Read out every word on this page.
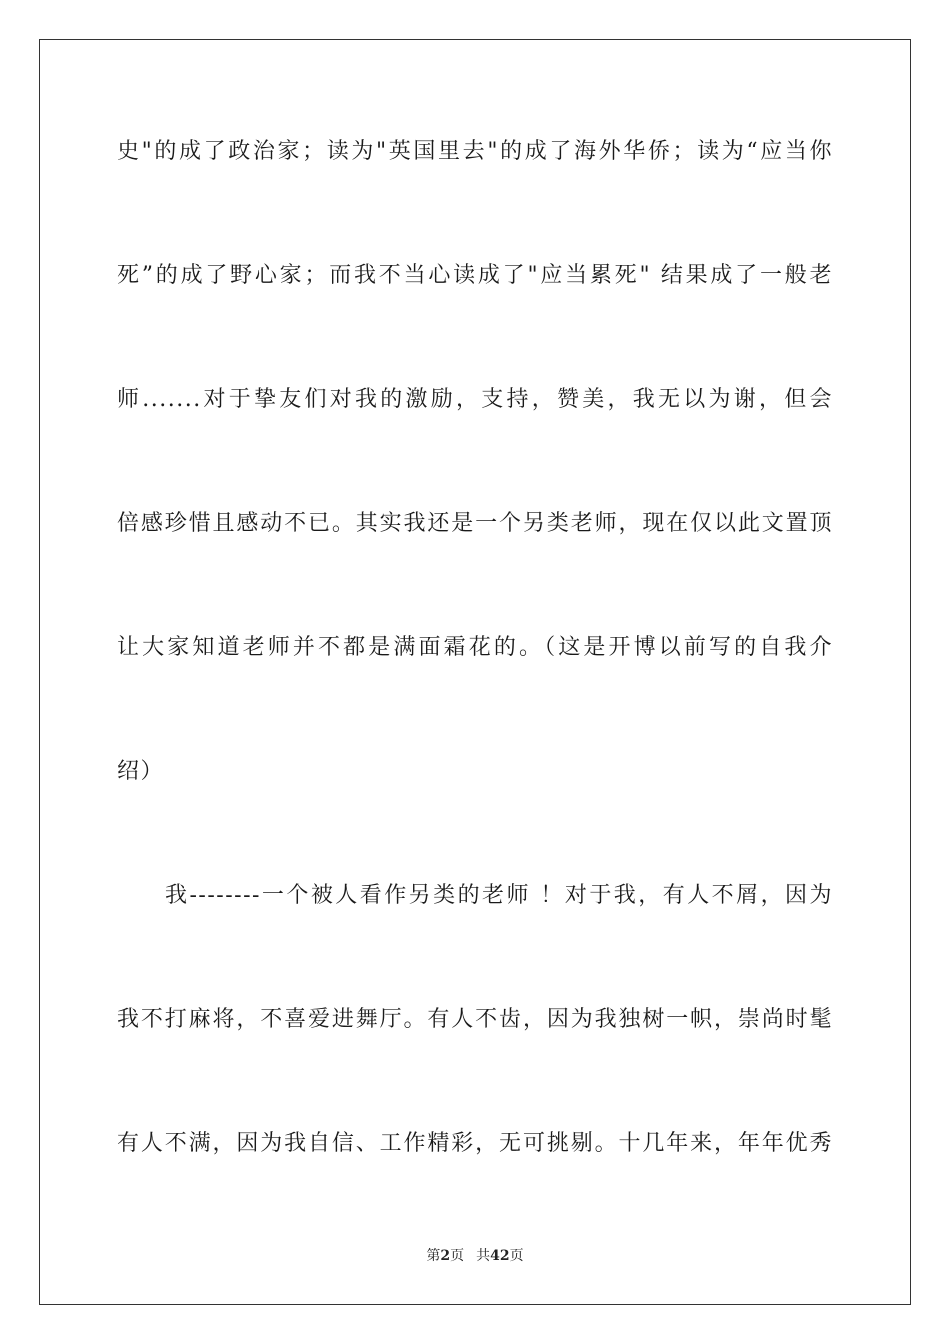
史"的成了政治家；读为"英国里去"的成了海外华侨；读为“应当你
死”的成了野心家；而我不当心读成了"应当累死" 结果成了一般老
师.......对于挚友们对我的激励，支持，赞美，我无以为谢，但会
倍感珍惜且感动不已。其实我还是一个另类老师，现在仅以此文置顶
让大家知道老师并不都是满面霜花的。（这是开博以前写的自我介
绍）
我--------一个被人看作另类的老师 ！对于我，有人不屑，因为
我不打麻将，不喜爱进舞厅。有人不齿，因为我独树一帜，崇尚时髦
有人不满，因为我自信、工作精彩，无可挑剔。十几年来，年年优秀
第2页 共42页
